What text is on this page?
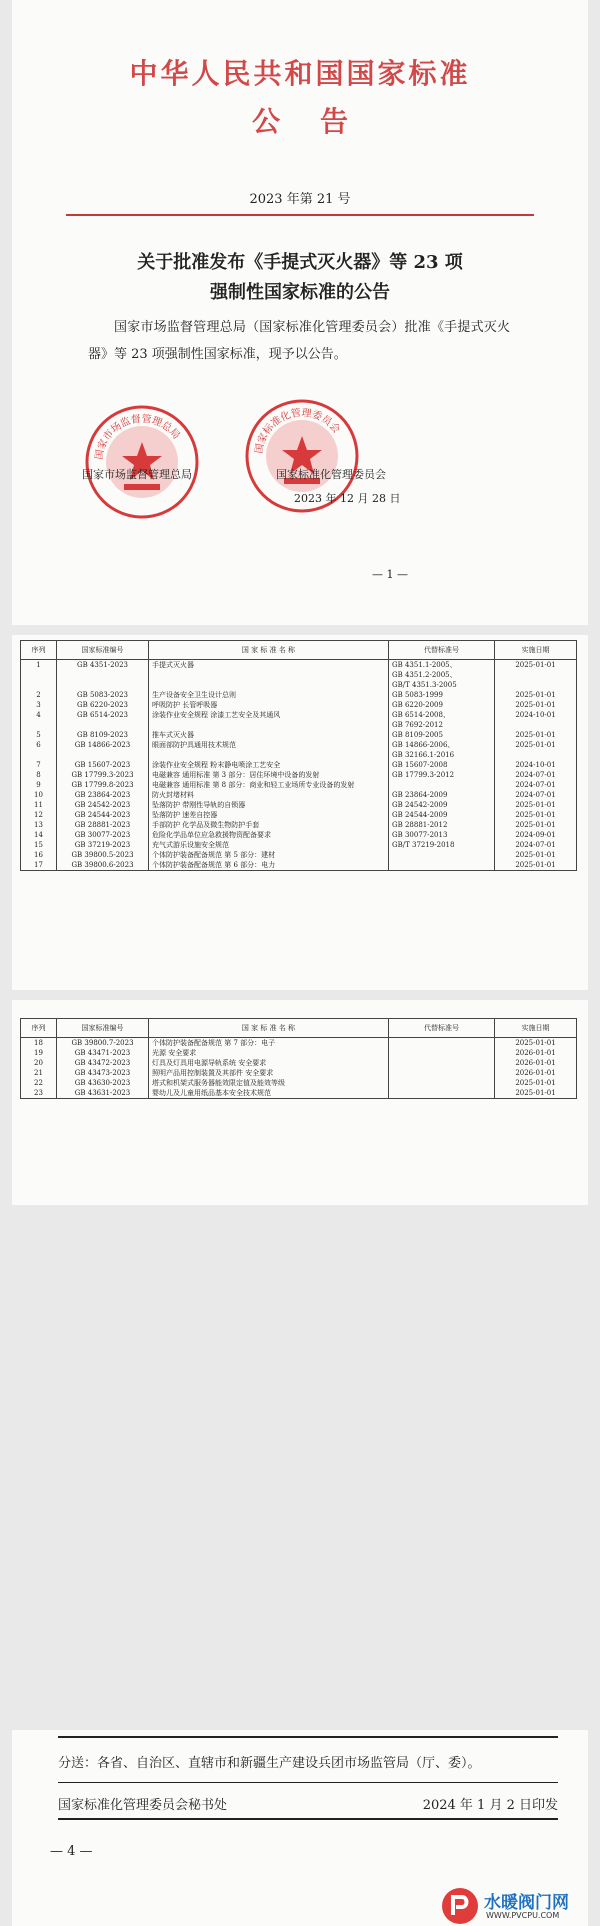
中华人民共和国国家标准
公告
2023 年第 21 号
关于批准发布《手提式灭火器》等 23 项
强制性国家标准的公告
国家市场监督管理总局（国家标准化管理委员会）批准《手提式灭火器》等 23 项强制性国家标准，现予以公告。
国家市场监督管理总局
国家标准化管理委员会
国家市场监督管理总局	国家标准化管理委员会
2023 年 12 月 28 日
— 1 —
序列	国家标准编号	国 家 标 准 名 称	代替标准号	实施日期
1	GB 4351-2023	手提式灭火器	GB 4351.1-2005、
GB 4351.2-2005、
GB/T 4351.3-2005	2025-01-01
2	GB 5083-2023	生产设备安全卫生设计总则	GB 5083-1999	2025-01-01
3	GB 6220-2023	呼吸防护 长管呼吸器	GB 6220-2009	2025-01-01
4	GB 6514-2023	涂装作业安全规程 涂漆工艺安全及其通风	GB 6514-2008、
GB 7692-2012	2024-10-01
5	GB 8109-2023	推车式灭火器	GB 8109-2005	2025-01-01
6	GB 14866-2023	眼面部防护具通用技术规范	GB 14866-2006、
GB 32166.1-2016	2025-01-01
7	GB 15607-2023	涂装作业安全规程 粉末静电喷涂工艺安全	GB 15607-2008	2024-10-01
8	GB 17799.3-2023	电磁兼容 通用标准 第 3 部分：居住环境中设备的发射	GB 17799.3-2012	2024-07-01
9	GB 17799.8-2023	电磁兼容 通用标准 第 8 部分：商业和轻工业场所专业设备的发射		2024-07-01
10	GB 23864-2023	防火封堵材料	GB 23864-2009	2024-07-01
11	GB 24542-2023	坠落防护 带刚性导轨的自锁器	GB 24542-2009	2025-01-01
12	GB 24544-2023	坠落防护 速差自控器	GB 24544-2009	2025-01-01
13	GB 28881-2023	手部防护 化学品及微生物防护手套	GB 28881-2012	2025-01-01
14	GB 30077-2023	危险化学品单位应急救援物资配备要求	GB 30077-2013	2024-09-01
15	GB 37219-2023	充气式游乐设施安全规范	GB/T 37219-2018	2024-07-01
16	GB 39800.5-2023	个体防护装备配备规范 第 5 部分：建材		2025-01-01
17	GB 39800.6-2023	个体防护装备配备规范 第 6 部分：电力		2025-01-01
序列	国家标准编号	国 家 标 准 名 称	代替标准号	实施日期
18	GB 39800.7-2023	个体防护装备配备规范 第 7 部分：电子		2025-01-01
19	GB 43471-2023	光源 安全要求		2026-01-01
20	GB 43472-2023	灯具及灯具用电源导轨系统 安全要求		2026-01-01
21	GB 43473-2023	照明产品用控制装置及其部件 安全要求		2026-01-01
22	GB 43630-2023	塔式和机架式服务器能效限定值及能效等级		2025-01-01
23	GB 43631-2023	婴幼儿及儿童用纸品基本安全技术规范		2025-01-01
分送：各省、自治区、直辖市和新疆生产建设兵团市场监管局（厅、委）。
国家标准化管理委员会秘书处	2024 年 1 月 2 日印发
— 4 —
水暖阀门网
WWW.PVCPU.COM
